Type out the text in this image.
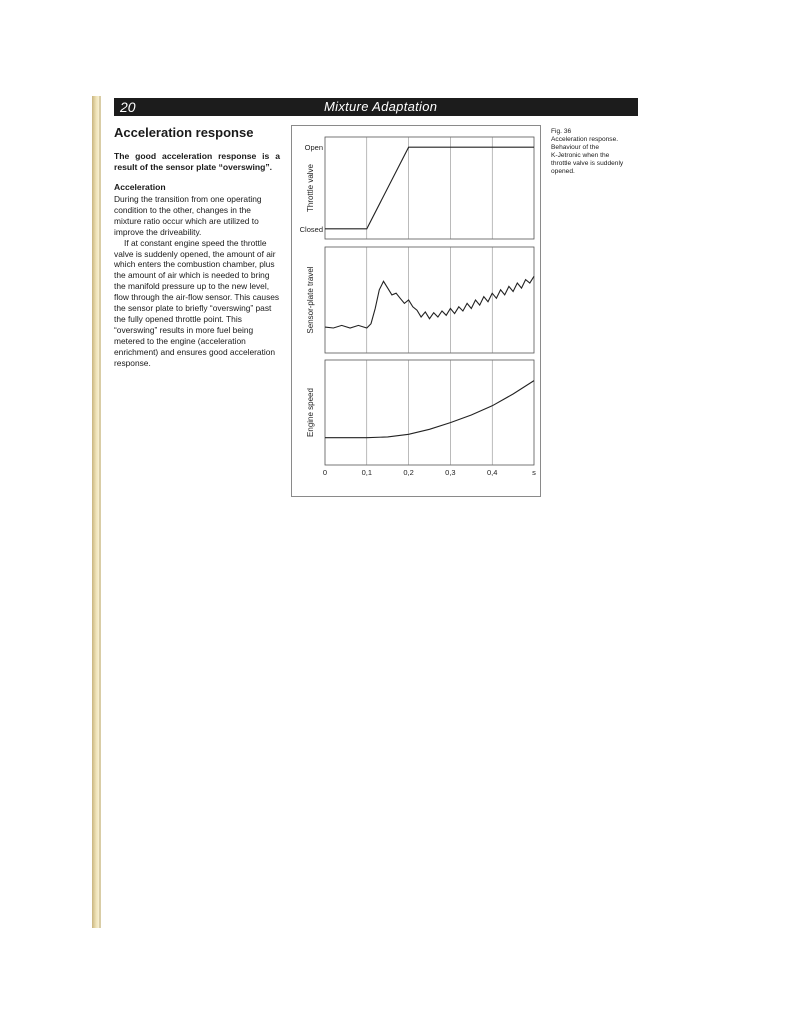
20	Mixture Adaptation
Acceleration response

The good acceleration response is a result of the sensor plate “overswing”.

Acceleration

During the transition from one operating condition to the other, changes in the mixture ratio occur which are utilized to improve the driveability.

If at constant engine speed the throttle valve is suddenly opened, the amount of air which enters the combustion chamber, plus the amount of air which is needed to bring the manifold pressure up to the new level, flow through the air-flow sensor. This causes the sensor plate to briefly “overswing” past the fully opened throttle point. This “overswing” results in more fuel being metered to the engine (acceleration enrichment) and ensures good acceleration response.

Throttle valve
Open
Closed
Sensor-plate travel
Engine speed
0	0,1	0,2	0,3	0,4	s
Fig. 36
Acceleration response.
Behaviour of the
K-Jetronic when the
throttle valve is suddenly
opened.
